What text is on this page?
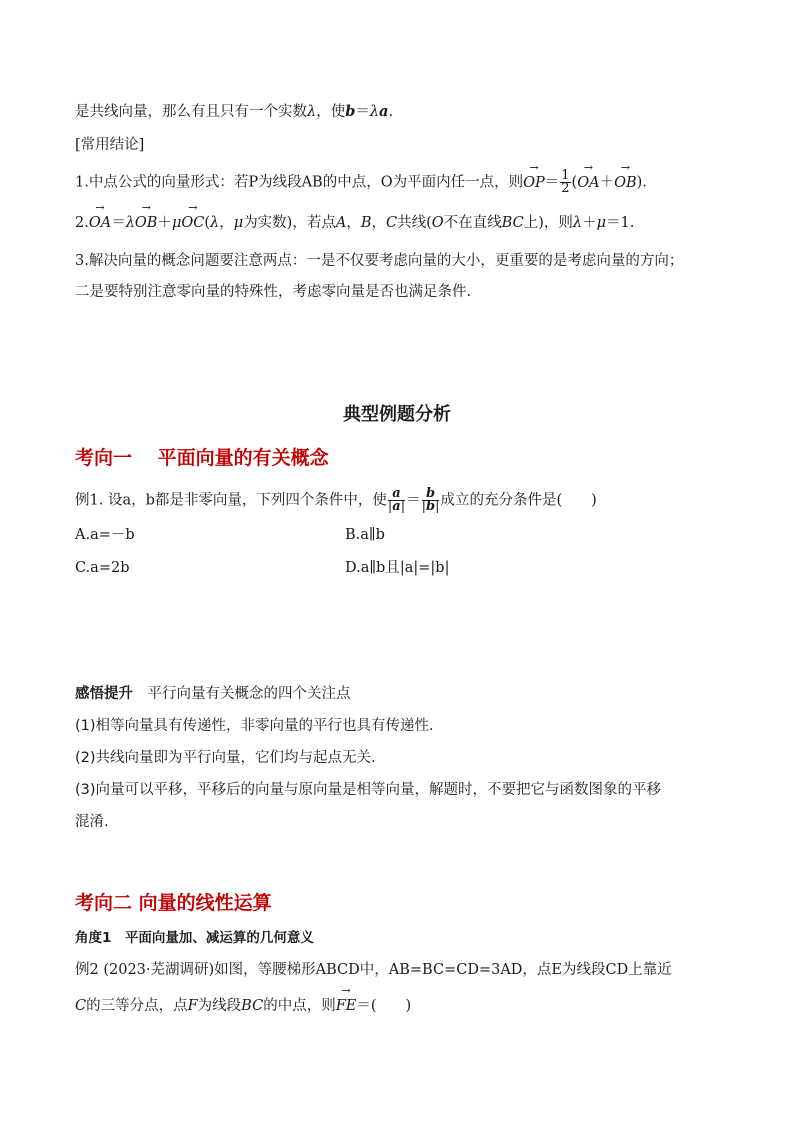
是共线向量，那么有且只有一个实数λ，使b＝λa.
[常用结论]
1.中点公式的向量形式：若P为线段AB的中点，O为平面内任一点，则→ $OP= \frac{1}{2}$ (→ OA＋→ OB).
2.→ OA＝λ→ OB＋μ→ OC(λ，μ为实数)，若点A，B，C共线(O不在直线BC上)，则λ＋μ＝1.
3.解决向量的概念问题要注意两点：一是不仅要考虑向量的大小，更重要的是考虑向量的方向；
二是要特别注意零向量的特殊性，考虑零向量是否也满足条件.
典型例题分析
考向一　 平面向量的有关概念
例1. 设a，b都是非零向量，下列四个条件中，使 $\frac{a}{|a|} = \frac{b}{|b|}$ 成立的充分条件是(　　)
A.a=－b	B.a∥b
C.a=2b	D.a∥b且|a|=|b|
感悟提升　 平行向量有关概念的四个关注点
(1)相等向量具有传递性，非零向量的平行也具有传递性.
(2)共线向量即为平行向量，它们均与起点无关.
(3)向量可以平移，平移后的向量与原向量是相等向量，解题时，不要把它与函数图象的平移
混淆.
考向二 向量的线性运算
角度1　平面向量加、减运算的几何意义
例2 (2023·芜湖调研)如图，等腰梯形ABCD中，AB=BC=CD=3AD，点E为线段CD上靠近
C的三等分点，点F为线段BC的中点，则→ FE＝(　　)
